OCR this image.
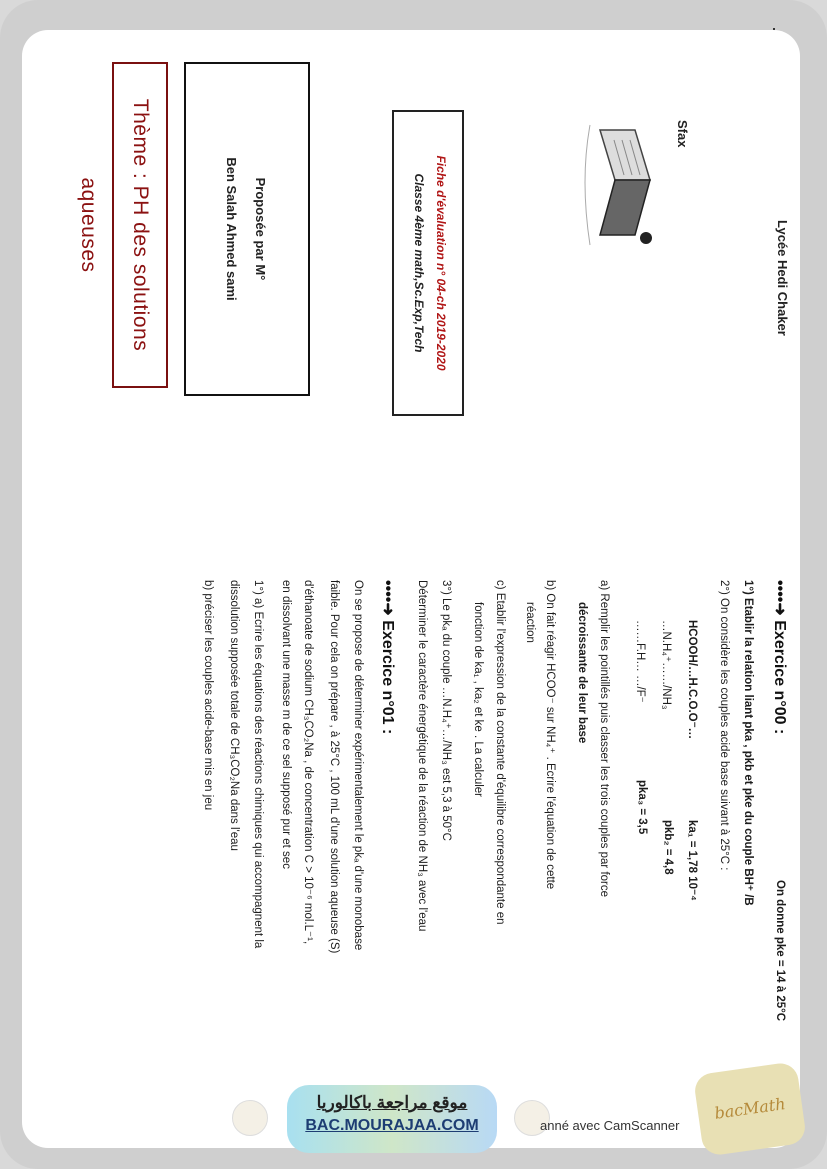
Sfax
Lycée Hedi Chaker
Fiche d'évaluation n° 04-ch 2019-2020
Classe 4ème math,Sc.Exp,Tech
Proposée par M°
Ben Salah Ahmed sami
Thème : PH des solutions aqueuses
••••➜ Exercice n°00 :
On donne pke = 14 à 25°C
1°) Etablir la relation liant pka , pkb et pke du couple BH⁺ /B
2°) On considère les couples acide base suivant à 25°C :
HCOOH/…H.C.O.O⁻…
ka₁ = 1,78 10⁻⁴
…N.H₄⁺……/NH₃
pkb₂ = 4,8
……F.H… …/F⁻
pka₃ = 3,5
a) Remplir les pointillés puis classer les trois couples par force
décroissante de leur base
b) On fait réagir HCOO⁻ sur NH₄⁺ . Ecrire l'équation de cette
réaction
c) Etablir l'expression de la constante d'équilibre correspondante en
fonction de ka₁ , ka₂ et ke . La calculer
3°) Le pkₐ du couple …N.H₄⁺…/NH₃ est 5,3 à 50°C
Déterminer le caractère énergétique de la réaction de NH₃ avec l'eau
••••➜ Exercice n°01 :
On se propose de déterminer expérimentalement le pkₐ d'une monobase
faible. Pour cela on prépare , à 25°C , 100 mL d'une solution aqueuse (S)
d'éthanoate de sodium CH₃CO₂Na , de concentration C > 10⁻⁶ mol.L⁻¹,
en dissolvant une masse m de ce sel supposé pur et sec
1°) a) Ecrire les équations des réactions chimiques qui accompagnent la
dissolution supposée totale de CH₃CO₂Na dans l'eau
b) préciser les couples acide-base mis en jeu
موقع مراجعة باكالوريا
BAC.MOURAJAA.COM	anné avec CamScanner
bacMath
